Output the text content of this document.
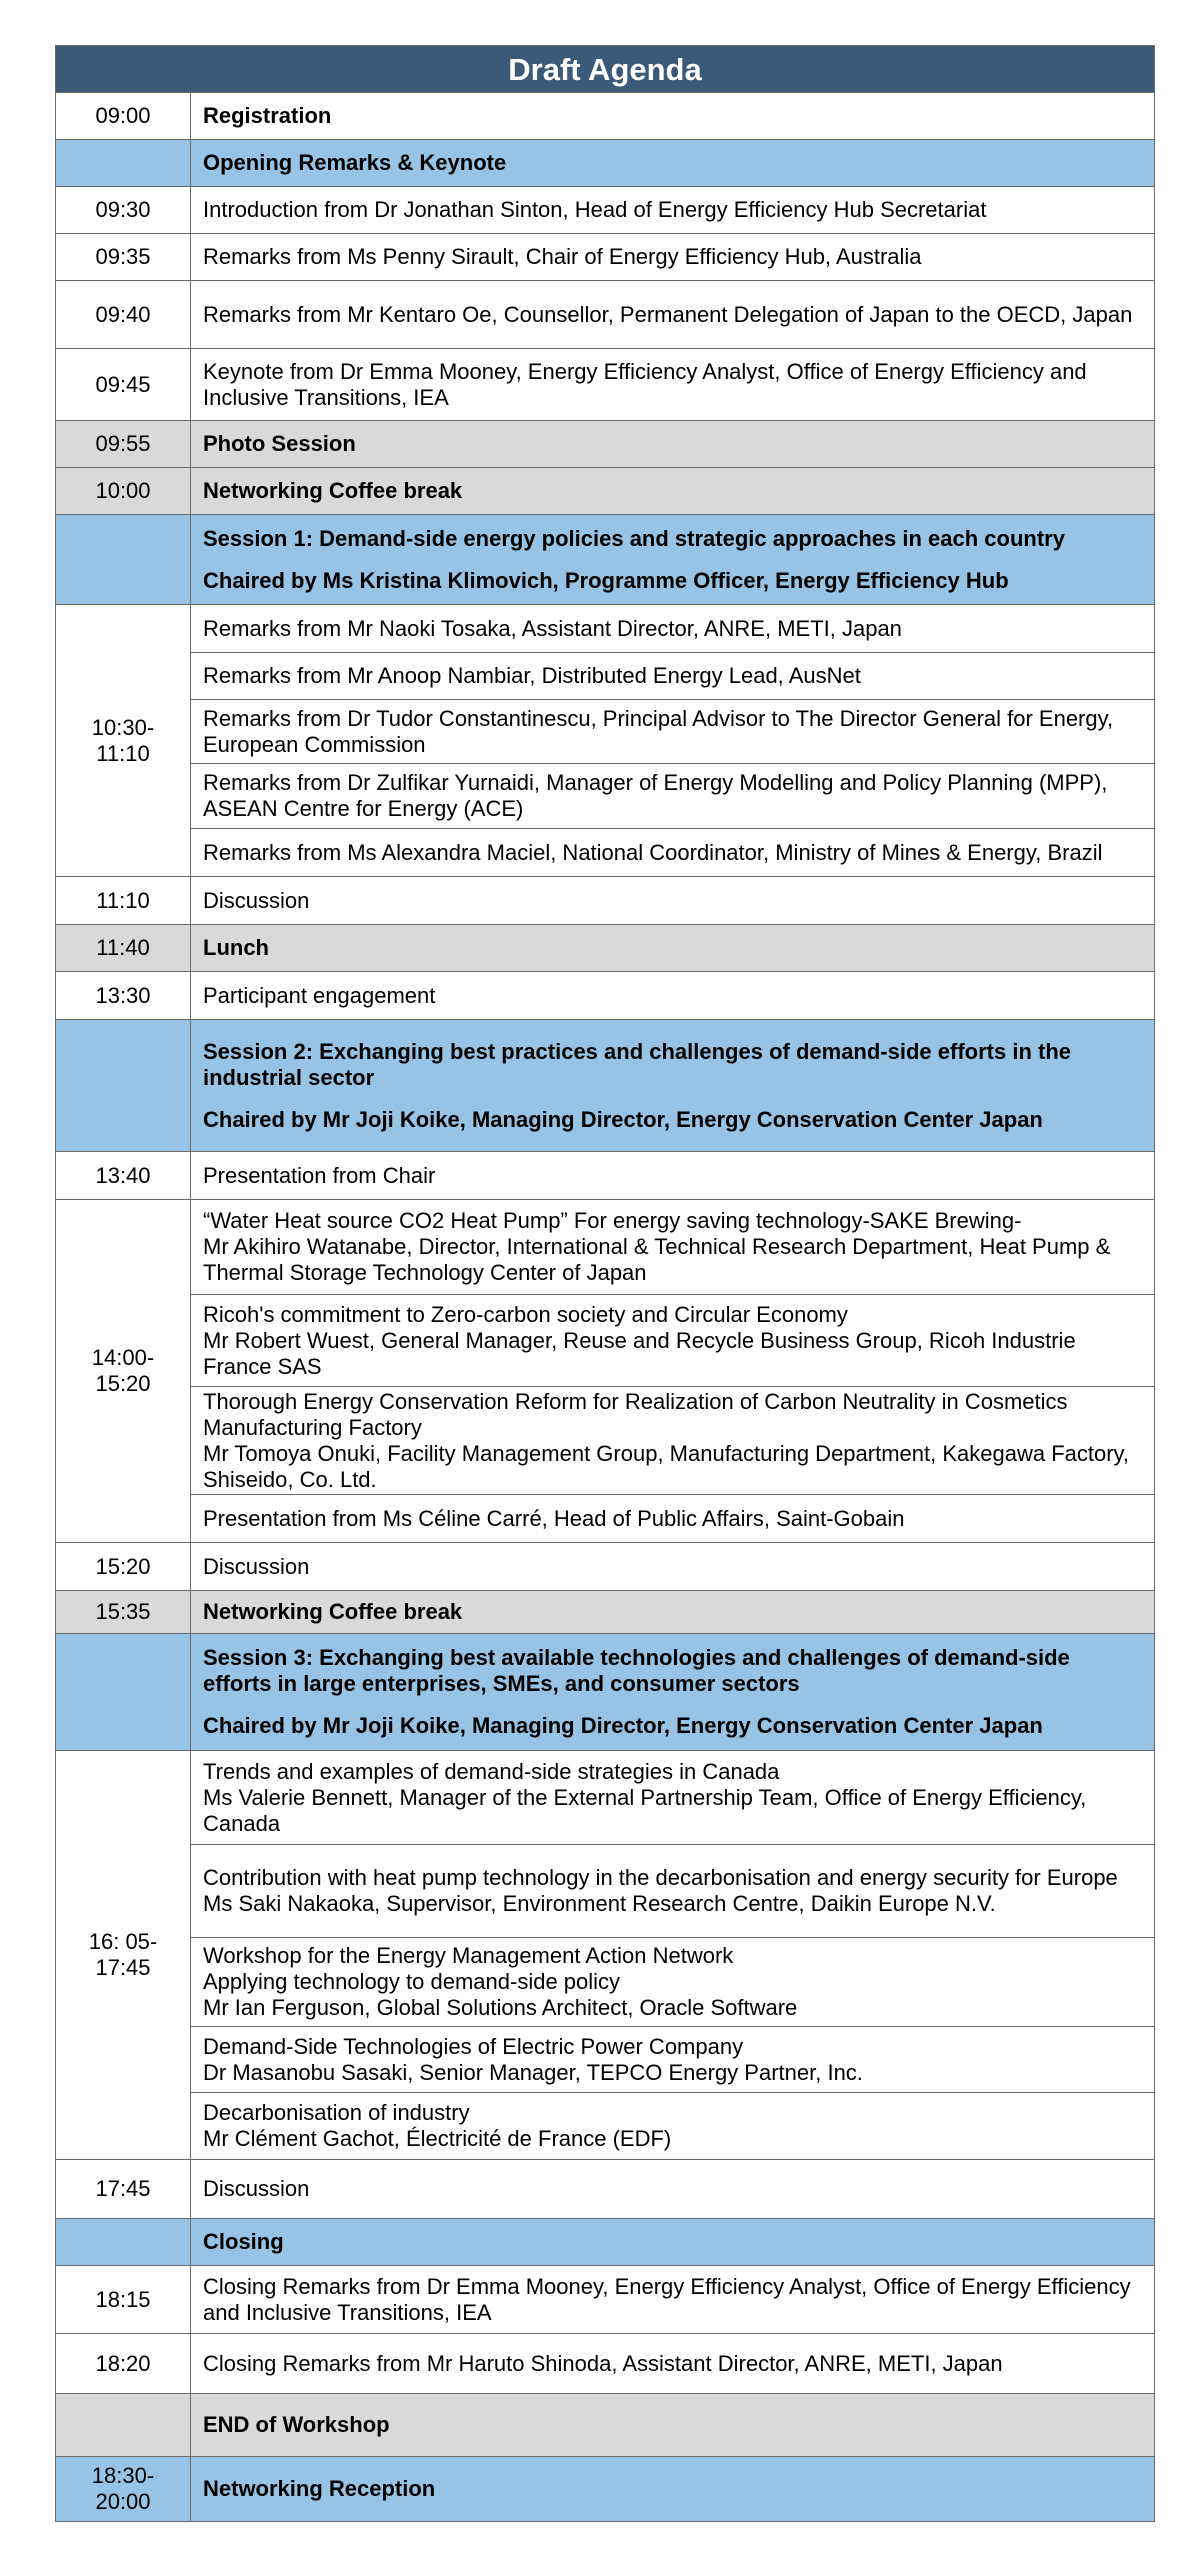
Draft Agenda
09:00	Registration
	Opening Remarks & Keynote
09:30	Introduction from Dr Jonathan Sinton, Head of Energy Efficiency Hub Secretariat
09:35	Remarks from Ms Penny Sirault, Chair of Energy Efficiency Hub, Australia
09:40	Remarks from Mr Kentaro Oe, Counsellor, Permanent Delegation of Japan to the OECD, Japan
09:45	Keynote from Dr Emma Mooney, Energy Efficiency Analyst, Office of Energy Efficiency and Inclusive Transitions, IEA
09:55	Photo Session
10:00	Networking Coffee break

	Session 1: Demand-side energy policies and strategic approaches in each country
Chaired by Ms Kristina Klimovich, Programme Officer, Energy Efficiency Hub

10:30-
11:10	Remarks from Mr Naoki Tosaka, Assistant Director, ANRE, METI, Japan
	Remarks from Mr Anoop Nambiar, Distributed Energy Lead, AusNet
	Remarks from Dr Tudor Constantinescu, Principal Advisor to The Director General for Energy, European Commission
	Remarks from Dr Zulfikar Yurnaidi, Manager of Energy Modelling and Policy Planning (MPP), ASEAN Centre for Energy (ACE)
	Remarks from Ms Alexandra Maciel, National Coordinator, Ministry of Mines & Energy, Brazil
11:10	Discussion
11:40	Lunch
13:30	Participant engagement

	Session 2: Exchanging best practices and challenges of demand-side efforts in the industrial sector
Chaired by Mr Joji Koike, Managing Director, Energy Conservation Center Japan

13:40	Presentation from Chair
14:00-
15:20	“Water Heat source CO2 Heat Pump” For energy saving technology-SAKE Brewing-
Mr Akihiro Watanabe, Director, International & Technical Research Department, Heat Pump & Thermal Storage Technology Center of Japan
	Ricoh's commitment to Zero-carbon society and Circular Economy
Mr Robert Wuest, General Manager, Reuse and Recycle Business Group, Ricoh Industrie France SAS
	Thorough Energy Conservation Reform for Realization of Carbon Neutrality in Cosmetics Manufacturing Factory
Mr Tomoya Onuki, Facility Management Group, Manufacturing Department, Kakegawa Factory, Shiseido, Co. Ltd.
	Presentation from Ms Céline Carré, Head of Public Affairs, Saint-Gobain
15:20	Discussion
15:35	Networking Coffee break

	Session 3: Exchanging best available technologies and challenges of demand-side efforts in large enterprises, SMEs, and consumer sectors
Chaired by Mr Joji Koike, Managing Director, Energy Conservation Center Japan

16: 05-
17:45	Trends and examples of demand-side strategies in Canada
Ms Valerie Bennett, Manager of the External Partnership Team, Office of Energy Efficiency, Canada
	Contribution with heat pump technology in the decarbonisation and energy security for Europe
Ms Saki Nakaoka, Supervisor, Environment Research Centre, Daikin Europe N.V.
	Workshop for the Energy Management Action Network
Applying technology to demand-side policy
Mr Ian Ferguson, Global Solutions Architect, Oracle Software
	Demand-Side Technologies of Electric Power Company
Dr Masanobu Sasaki, Senior Manager, TEPCO Energy Partner, Inc.
	Decarbonisation of industry
Mr Clément Gachot, Électricité de France (EDF)
17:45	Discussion
	Closing
18:15	Closing Remarks from Dr Emma Mooney, Energy Efficiency Analyst, Office of Energy Efficiency and Inclusive Transitions, IEA
18:20	Closing Remarks from Mr Haruto Shinoda, Assistant Director, ANRE, METI, Japan
	END of Workshop
18:30-
20:00	Networking Reception
